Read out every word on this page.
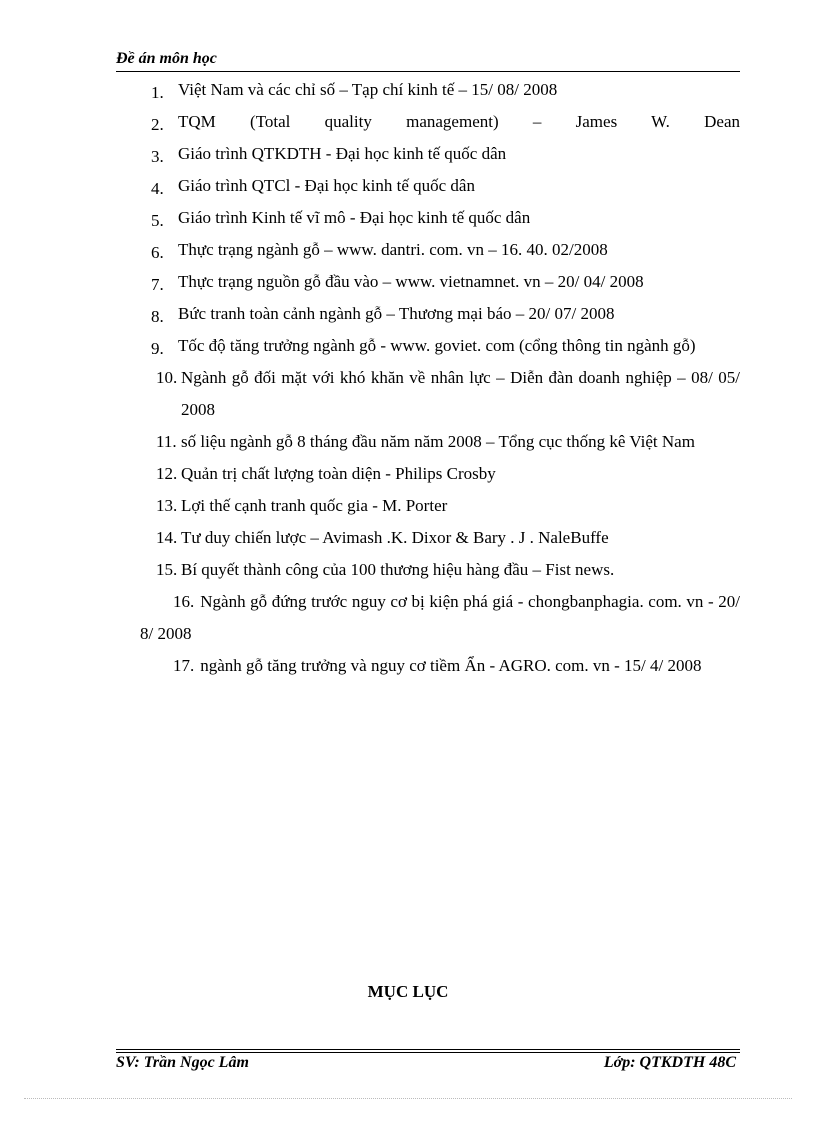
Đề án môn học
1. Việt Nam và các chỉ số – Tạp chí kinh tế – 15/ 08/ 2008
2. TQM (Total quality management) – James W. Dean
3. Giáo trình QTKDTH - Đại học kinh tế quốc dân
4. Giáo trình QTCl - Đại học kinh tế quốc dân
5. Giáo trình Kinh tế vĩ mô - Đại học kinh tế quốc dân
6. Thực trạng ngành gỗ – www. dantri. com. vn – 16. 40. 02/2008
7. Thực trạng nguồn gỗ đầu vào – www. vietnamnet. vn – 20/ 04/ 2008
8. Bức tranh toàn cảnh ngành gỗ – Thương mại báo – 20/ 07/ 2008
9. Tốc độ tăng trưởng ngành gỗ - www. goviet. com (cổng thông tin ngành gỗ)
10. Ngành gỗ đối mặt với khó khăn về nhân lực – Diễn đàn doanh nghiệp – 08/ 05/ 2008
11. số liệu ngành gỗ 8 tháng đầu năm năm 2008 – Tổng cục thống kê Việt Nam
12. Quản trị chất lượng toàn diện - Philips Crosby
13. Lợi thế cạnh tranh quốc gia - M. Porter
14. Tư duy chiến lược – Avimash .K. Dixor & Bary . J . NaleBuffe
15. Bí quyết thành công của 100 thương hiệu hàng đầu – Fist news.
16. Ngành gỗ đứng trước nguy cơ bị kiện phá giá - chongbanphagia. com. vn - 20/ 8/ 2008
17. ngành gỗ tăng trưởng và nguy cơ tiềm Ẩn - AGRO. com. vn - 15/ 4/ 2008
MỤC LỤC
SV: Trần Ngọc Lâm	Lớp: QTKDTH 48C
